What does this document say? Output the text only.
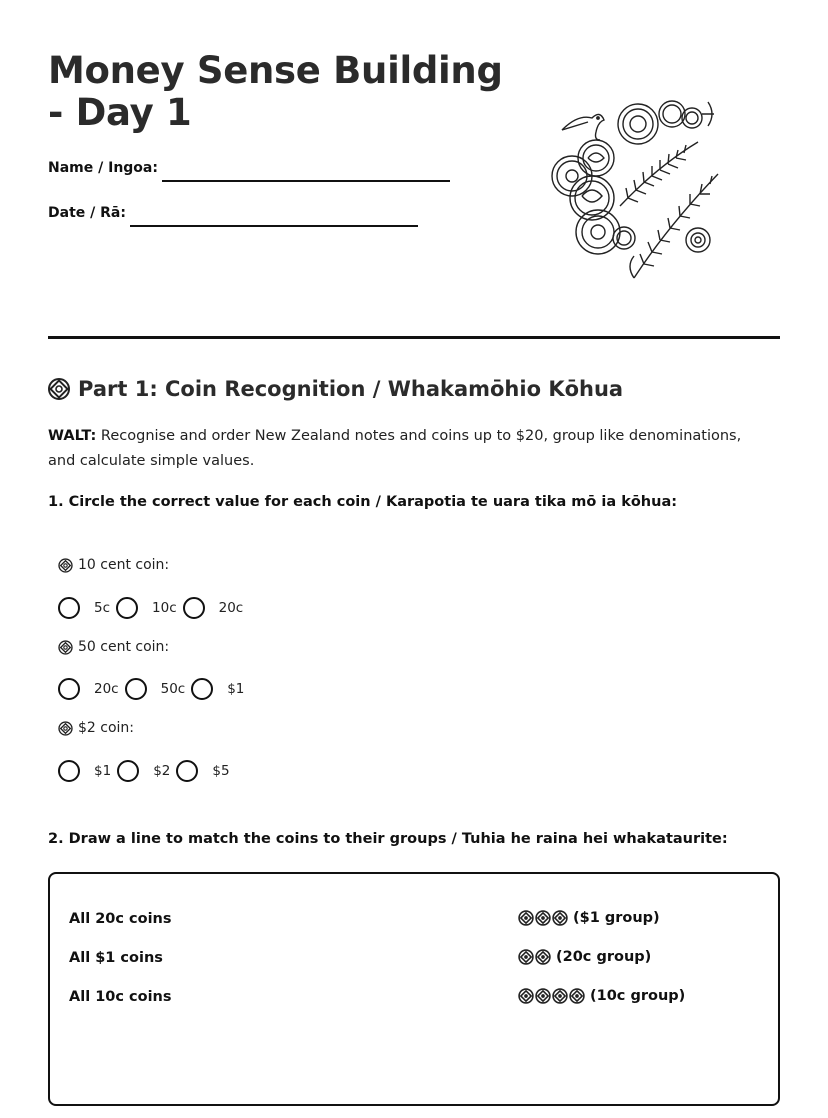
Money Sense Building - Day 1
Name / Ingoa:
Date / Rā:
Part 1: Coin Recognition / Whakamōhio Kōhua
WALT: Recognise and order New Zealand notes and coins up to $20, group like denominations, and calculate simple values.
1. Circle the correct value for each coin / Karapotia te uara tika mō ia kōhua:
10 cent coin:
5c	10c	20c
50 cent coin:
20c	50c	$1
$2 coin:
$1	$2	$5
2. Draw a line to match the coins to their groups / Tuhia he raina hei whakataurite:
All 20c coins
All $1 coins
All 10c coins
($1 group)
(20c group)
(10c group)
